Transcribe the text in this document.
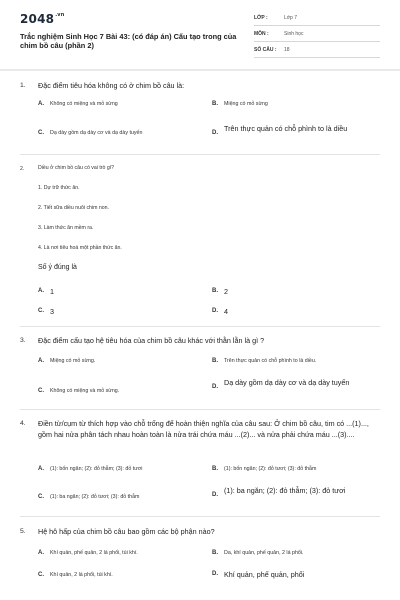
$2048^{.vn}$
Trắc nghiệm Sinh Học 7 Bài 43: (có đáp án) Cấu tạo trong của chim bồ câu (phần 2)
LỚP :	Lớp 7
MÔN :	Sinh học
SỐ CÂU :	18
1. Đặc điểm tiêu hóa không có ở chim bồ câu là:
A.	Không có miệng và mỏ sừng	B.	Miệng có mỏ sừng
C.	Dạ dày gồm dạ dày cơ và dạ dày tuyến	D. Trên thực quản có chỗ phình to là diều
2.	Diều ở chim bồ câu có vai trò gì?
1. Dự trữ thức ăn.
2. Tiết sữa diều nuôi chim non.
3. Làm thức ăn mềm ra.
4. Là nơi tiêu hoá một phần thức ăn.
Số ý đúng là
A. 1	B. 2
C. 3	D. 4
3. Đặc điểm cấu tạo hệ tiêu hóa của chim bồ câu khác với thằn lằn là gì ?
A.	Miệng có mỏ sừng.	B.	Trên thực quản có chỗ phình to là diều.
C.	Không có miệng và mỏ sừng.
D. Dạ dày gồm dạ dày cơ và dạ dày tuyến
4. Điền từ/cụm từ thích hợp vào chỗ trống để hoàn thiện nghĩa của câu sau: Ở chim bồ câu, tim có ...(1)..., gồm hai nửa phân tách nhau hoàn toàn là nửa trái chứa máu ...(2)... và nửa phải chứa máu ...(3)....
A.	(1): bốn ngăn; (2): đỏ thẫm; (3): đỏ tươi	B.	(1): bốn ngăn; (2): đỏ tươi; (3): đỏ thẫm
C.	(1): ba ngăn; (2): đỏ tươi; (3): đỏ thẫm	D. (1): ba ngăn; (2): đỏ thẫm; (3): đỏ tươi
5. Hệ hô hấp của chim bồ câu bao gồm các bộ phận nào?
A.	Khí quản, phế quản, 2 lá phổi, túi khí.	B.	Da, khí quản, phế quản, 2 lá phổi.
C.	Khí quản, 2 lá phổi, túi khí.	D. Khí quản, phế quản, phổi
